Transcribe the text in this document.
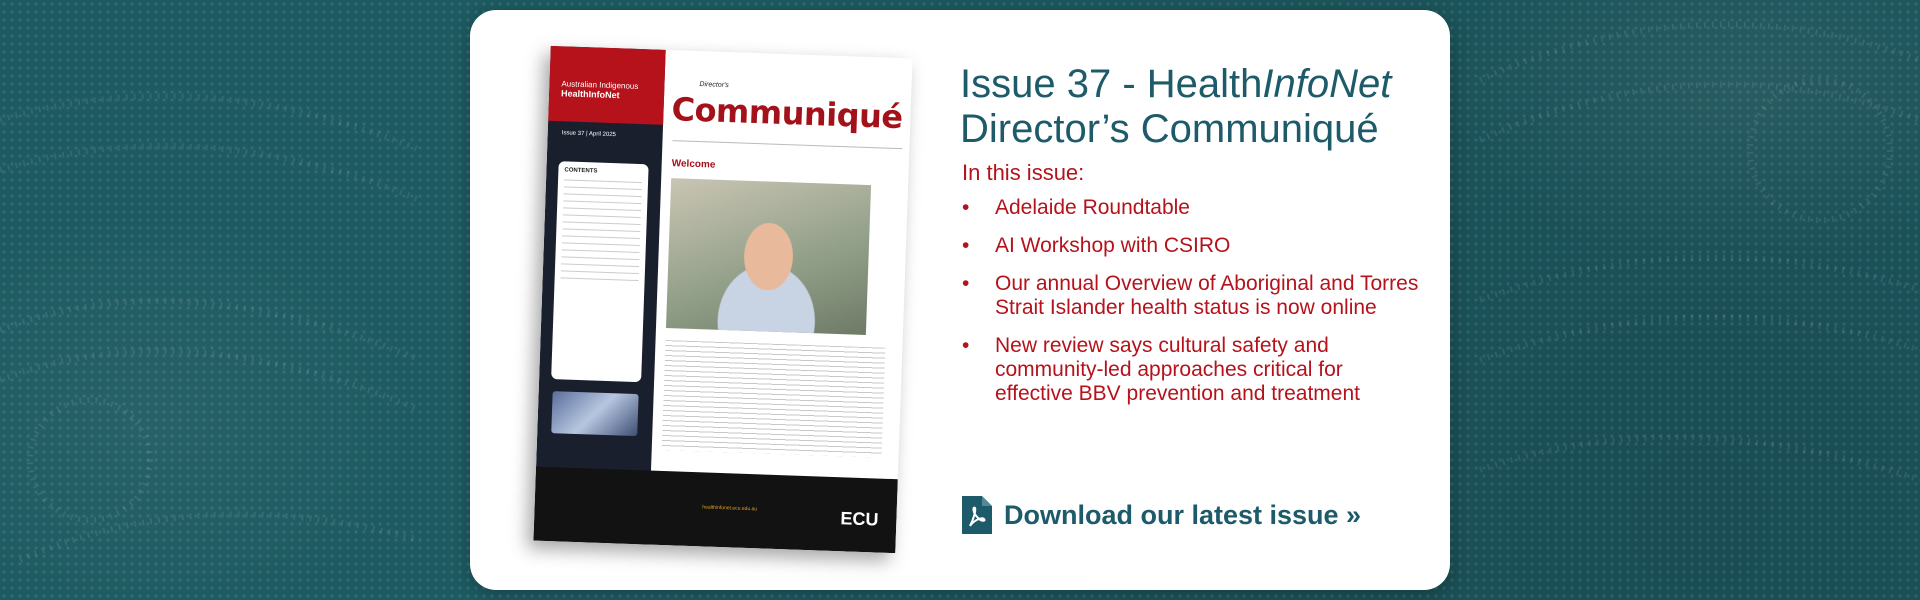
Australian Indigenous
HealthInfoNet
Issue 37 | April 2025
CONTENTS
Director's
Communiqué
Welcome
healthinfonet.ecu.edu.au	ECU
Issue 37 - HealthInfoNet
Director’s Communiqué
In this issue:
• Adelaide Roundtable
• AI Workshop with CSIRO
• Our annual Overview of Aboriginal and Torres Strait Islander health status is now online
• New review says cultural safety and community-led approaches critical for effective BBV prevention and treatment
Download our latest issue »
